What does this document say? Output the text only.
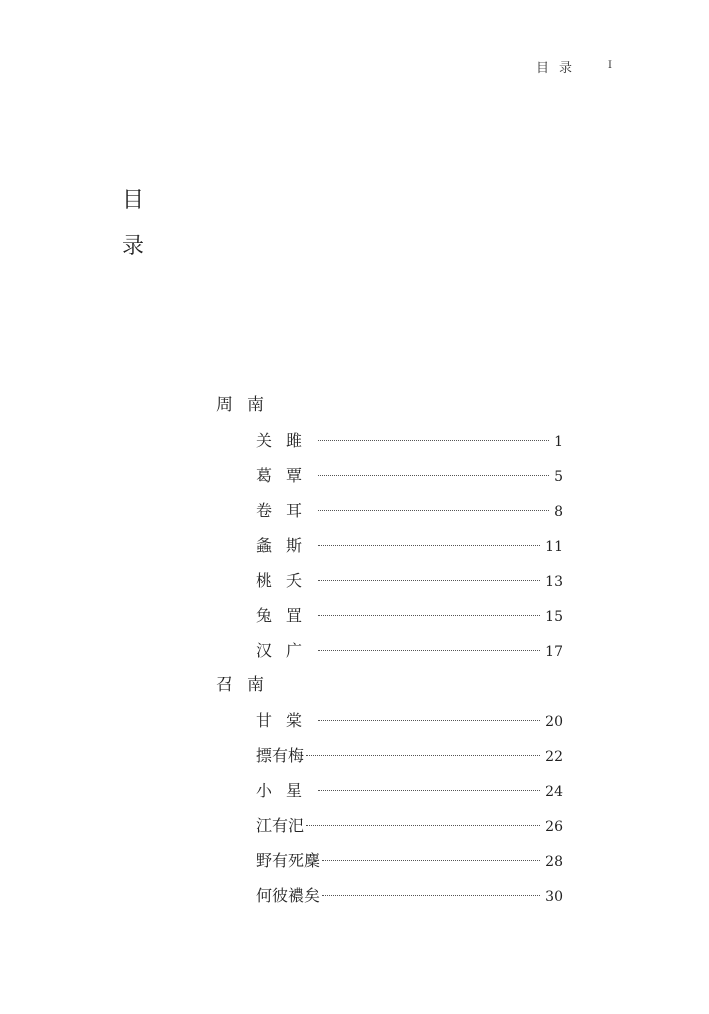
目录	I
目
录
周南
关雎	1
葛覃	5
卷耳	8
螽斯	11
桃夭	13
兔罝	15
汉广	17
召南
甘棠	20
摽有梅	22
小星	24
江有汜	26
野有死麇	28
何彼襛矣	30
